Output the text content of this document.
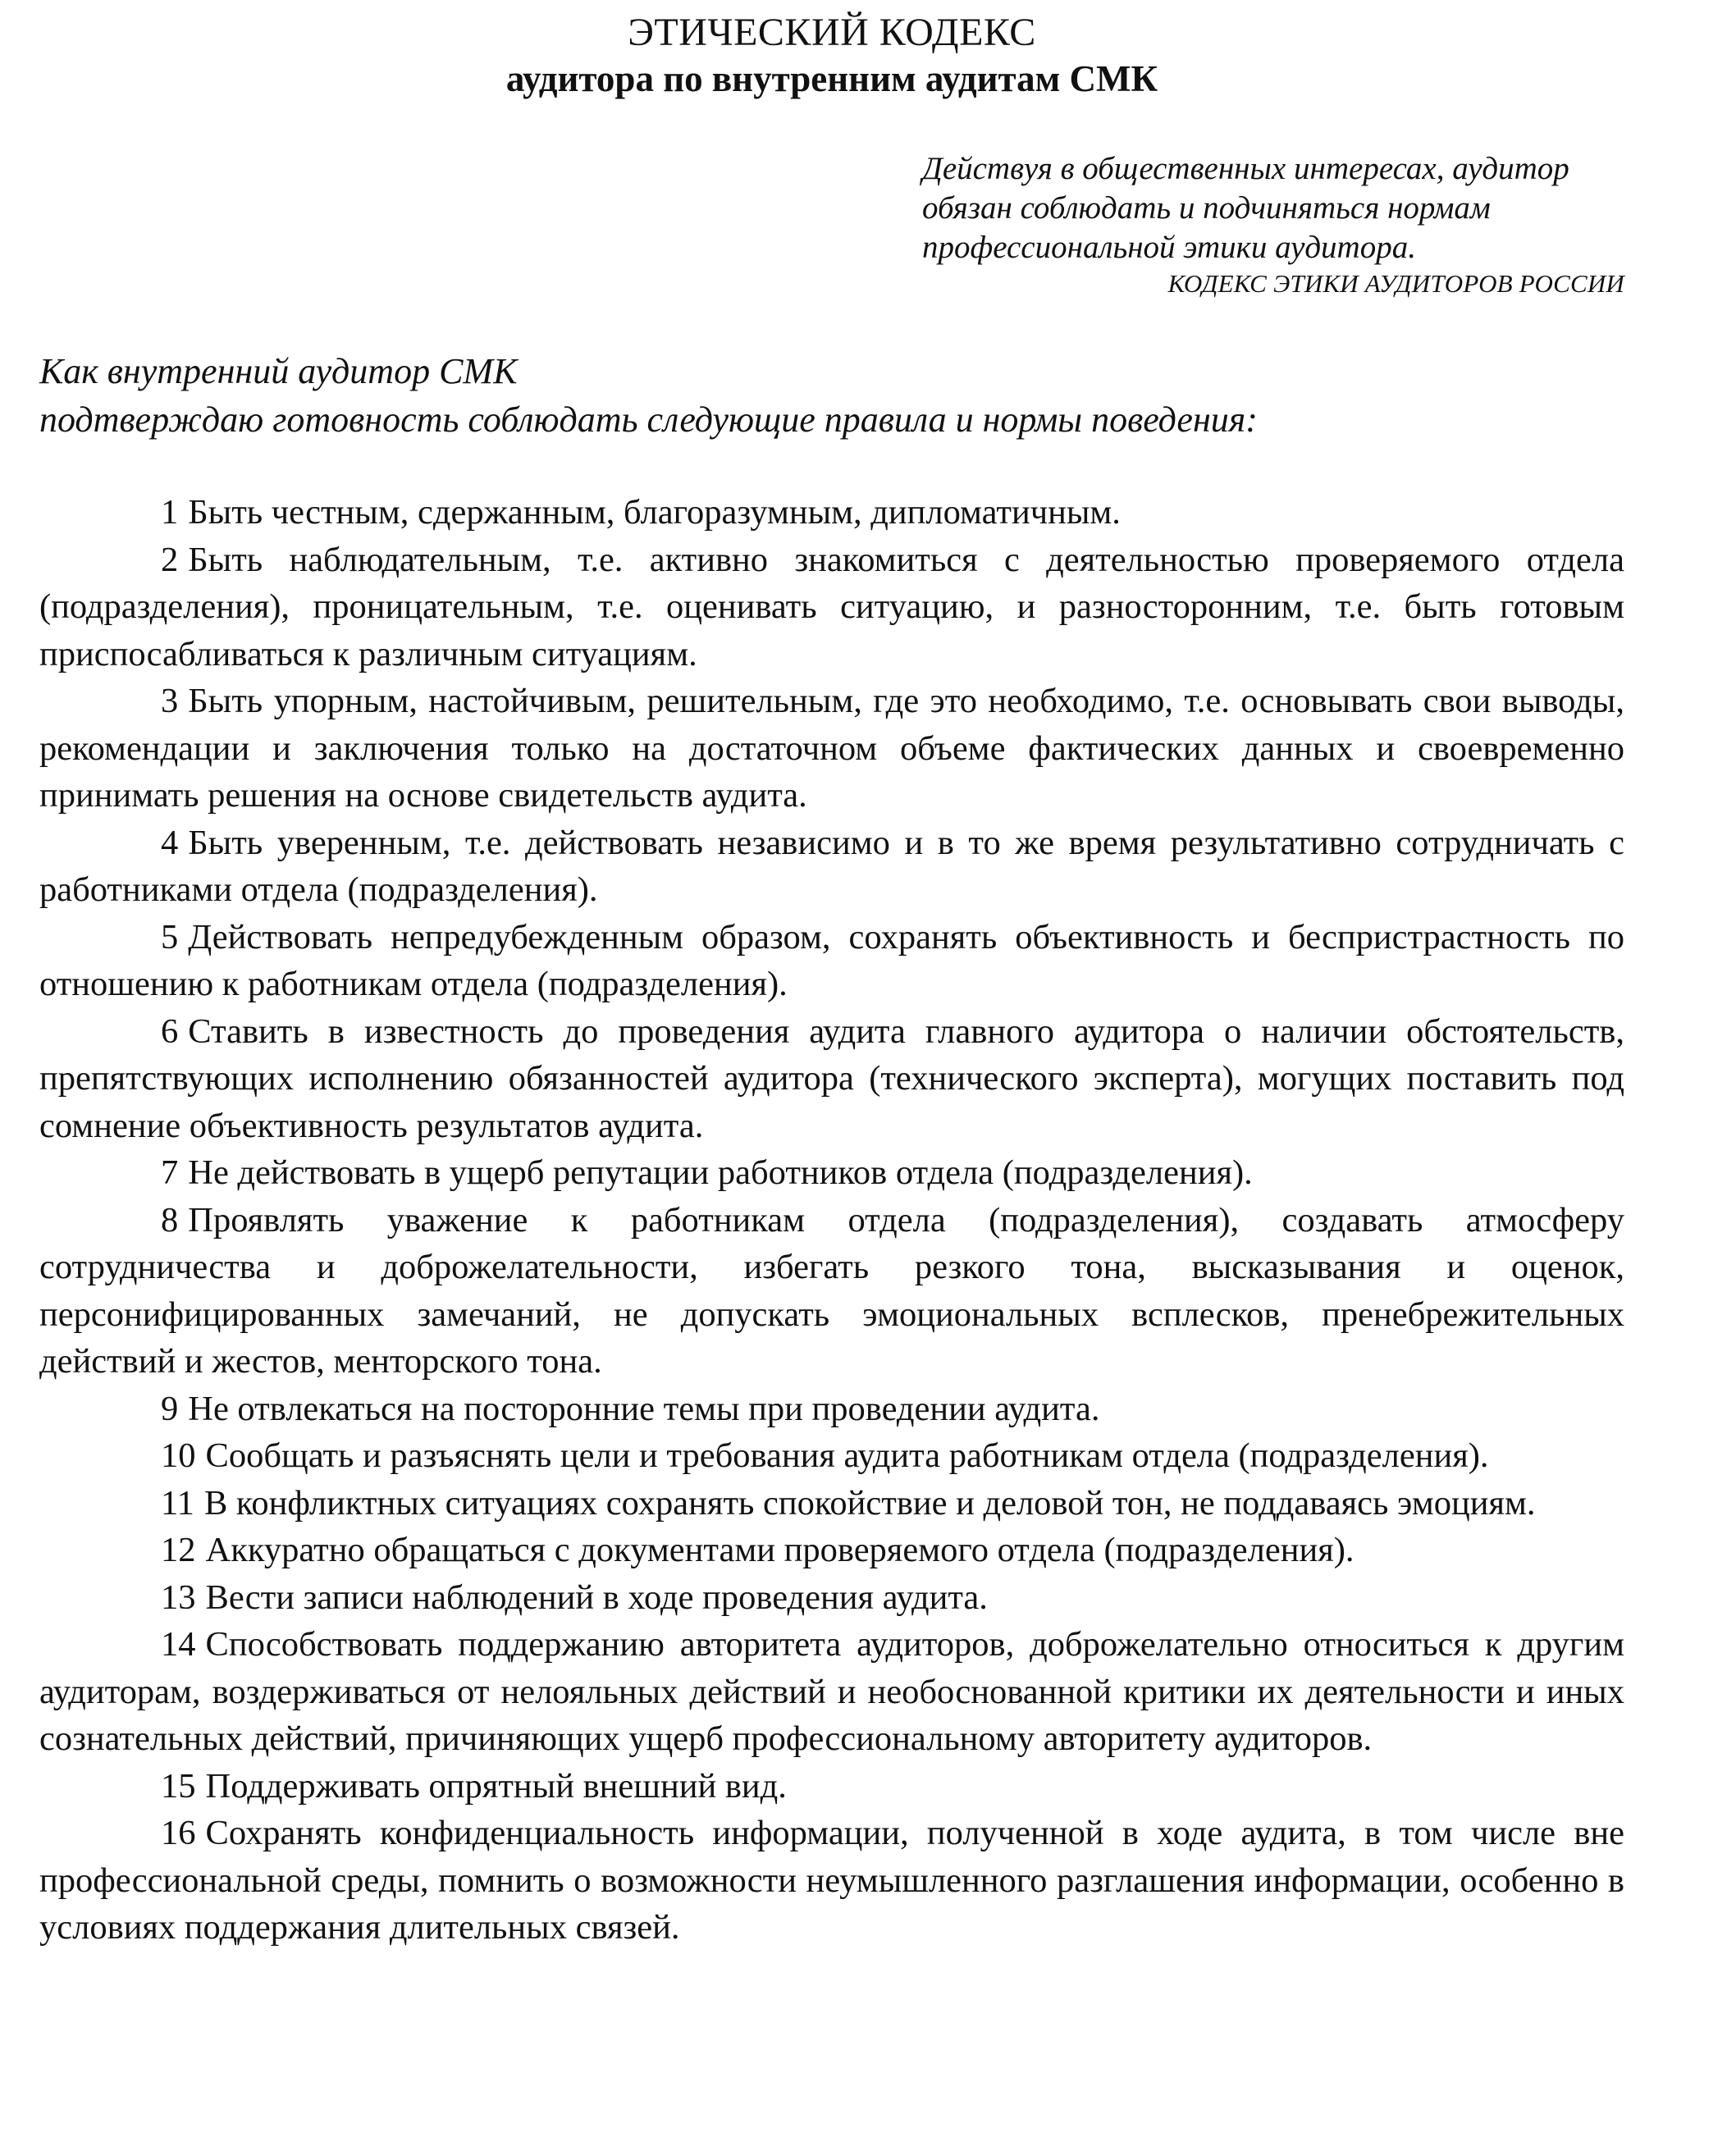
ЭТИЧЕСКИЙ КОДЕКС
аудитора по внутренним аудитам СМК

Действуя в общественных интересах, аудитор

обязан соблюдать и подчиняться нормам

профессиональной этики аудитора.

КОДЕКС ЭТИКИ АУДИТОРОВ РОССИИ

Как внутренний аудитор СМК

подтверждаю готовность соблюдать следующие правила и нормы поведения:

1 Быть честным, сдержанным, благоразумным, дипломатичным.

2 Быть наблюдательным, т.е. активно знакомиться с деятельностью проверяемого отдела (подразделения), проницательным, т.е. оценивать ситуацию, и разносторонним, т.е. быть готовым приспосабливаться к различным ситуациям.

3 Быть упорным, настойчивым, решительным, где это необходимо, т.е. основывать свои выводы, рекомендации и заключения только на достаточном объеме фактических данных и своевременно принимать решения на основе свидетельств аудита.

4 Быть уверенным, т.е. действовать независимо и в то же время результативно сотрудничать с работниками отдела (подразделения).

5 Действовать непредубежденным образом, сохранять объективность и беспристрастность по отношению к работникам отдела (подразделения).

6 Ставить в известность до проведения аудита главного аудитора о наличии обстоятельств, препятствующих исполнению обязанностей аудитора (технического эксперта), могущих поставить под сомнение объективность результатов аудита.

7 Не действовать в ущерб репутации работников отдела (подразделения).

8 Проявлять уважение к работникам отдела (подразделения), создавать атмосферу сотрудничества и доброжелательности, избегать резкого тона, высказывания и оценок, персонифицированных замечаний, не допускать эмоциональных всплесков, пренебрежительных действий и жестов, менторского тона.

9 Не отвлекаться на посторонние темы при проведении аудита.

10 Сообщать и разъяснять цели и требования аудита работникам отдела (подразделения).

11 В конфликтных ситуациях сохранять спокойствие и деловой тон, не поддаваясь эмоциям.

12 Аккуратно обращаться с документами проверяемого отдела (подразделения).

13 Вести записи наблюдений в ходе проведения аудита.

14 Способствовать поддержанию авторитета аудиторов, доброжелательно относиться к другим аудиторам, воздерживаться от нелояльных действий и необоснованной критики их деятельности и иных сознательных действий, причиняющих ущерб профессиональному авторитету аудиторов.

15 Поддерживать опрятный внешний вид.

16 Сохранять конфиденциальность информации, полученной в ходе аудита, в том числе вне профессиональной среды, помнить о возможности неумышленного разглашения информации, особенно в условиях поддержания длительных связей.
